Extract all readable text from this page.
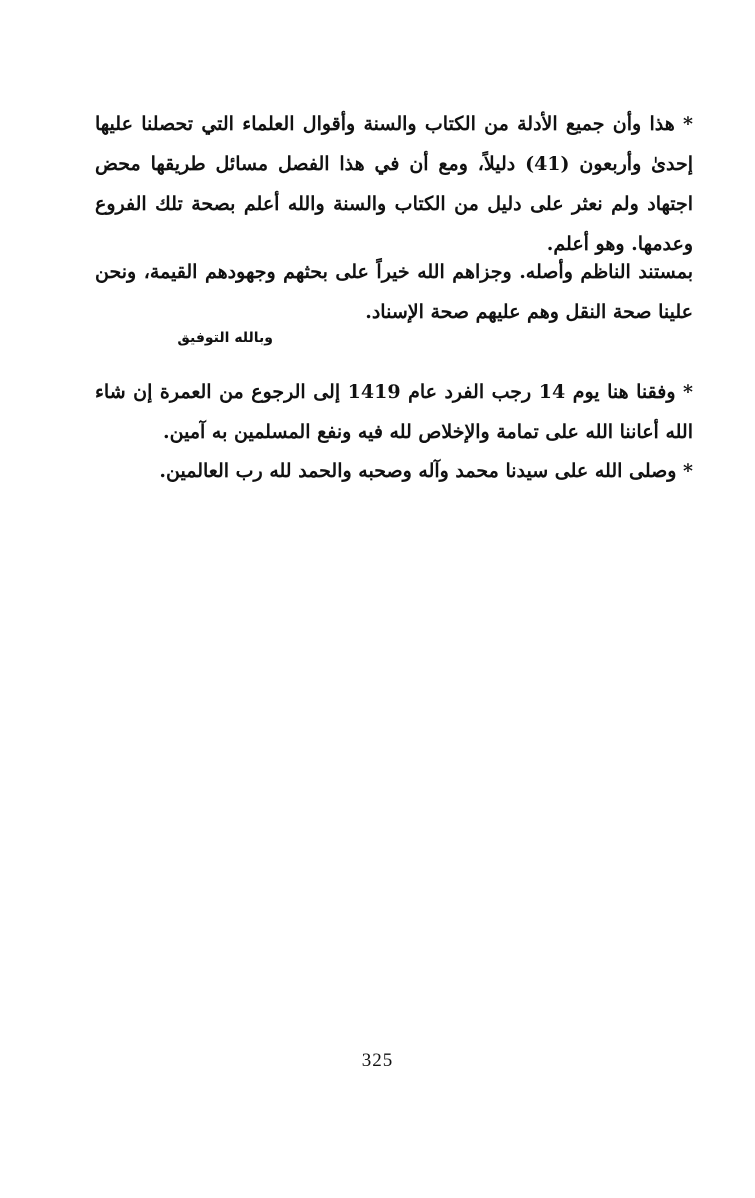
* هذا وأن جميع الأدلة من الكتاب والسنة وأقوال العلماء التي تحصلنا عليها إحدىٰ وأربعون (41) دليلاً، ومع أن في هذا الفصل مسائل طريقها محض اجتهاد ولم نعثر على دليل من الكتاب والسنة والله أعلم بصحة تلك الفروع وعدمها. وهو أعلم.

بمستند الناظم وأصله. وجزاهم الله خيراً على بحثهم وجهودهم القيمة، ونحن علينا صحة النقل وهم عليهم صحة الإسناد.

وبالله التوفيق

* وفقنا هنا يوم 14 رجب الفرد عام 1419 إلى الرجوع من العمرة إن شاء الله أعاننا الله على تمامة والإخلاص لله فيه ونفع المسلمين به آمين.

* وصلى الله على سيدنا محمد وآله وصحبه والحمد لله رب العالمين.

325
